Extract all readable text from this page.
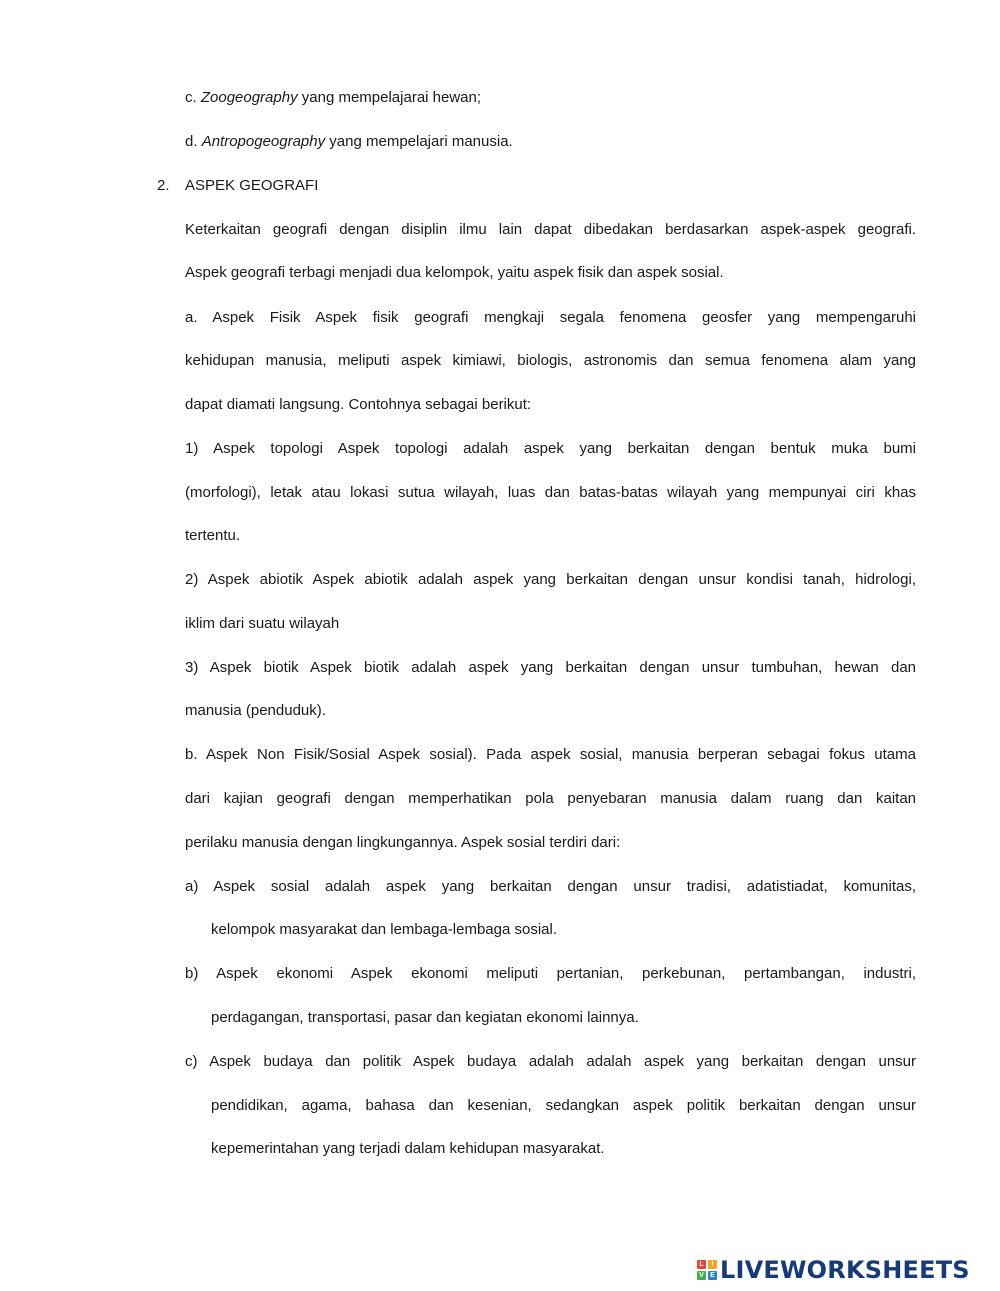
c. Zoogeography yang mempelajarai hewan;
d. Antropogeography yang mempelajari manusia.
2. ASPEK GEOGRAFI
Keterkaitan geografi dengan disiplin ilmu lain dapat dibedakan berdasarkan aspek-aspek geografi.
Aspek geografi terbagi menjadi dua kelompok, yaitu aspek fisik dan aspek sosial.
a. Aspek Fisik Aspek fisik geografi mengkaji segala fenomena geosfer yang mempengaruhi
kehidupan manusia, meliputi aspek kimiawi, biologis, astronomis dan semua fenomena alam yang
dapat diamati langsung. Contohnya sebagai berikut:
1) Aspek topologi Aspek topologi adalah aspek yang berkaitan dengan bentuk muka bumi
(morfologi), letak atau lokasi sutua wilayah, luas dan batas-batas wilayah yang mempunyai ciri khas
tertentu.
2) Aspek abiotik Aspek abiotik adalah aspek yang berkaitan dengan unsur kondisi tanah, hidrologi,
iklim dari suatu wilayah
3) Aspek biotik Aspek biotik adalah aspek yang berkaitan dengan unsur tumbuhan, hewan dan
manusia (penduduk).
b. Aspek Non Fisik/Sosial Aspek sosial). Pada aspek sosial, manusia berperan sebagai fokus utama
dari kajian geografi dengan memperhatikan pola penyebaran manusia dalam ruang dan kaitan
perilaku manusia dengan lingkungannya. Aspek sosial terdiri dari:
a) Aspek sosial adalah aspek yang berkaitan dengan unsur tradisi, adatistiadat, komunitas,
kelompok masyarakat dan lembaga-lembaga sosial.
b) Aspek ekonomi Aspek ekonomi meliputi pertanian, perkebunan, pertambangan, industri,
perdagangan, transportasi, pasar dan kegiatan ekonomi lainnya.
c) Aspek budaya dan politik Aspek budaya adalah adalah aspek yang berkaitan dengan unsur
pendidikan, agama, bahasa dan kesenian, sedangkan aspek politik berkaitan dengan unsur
kepemerintahan yang terjadi dalam kehidupan masyarakat.
L	I
V E LIVEWORKSHEETS
